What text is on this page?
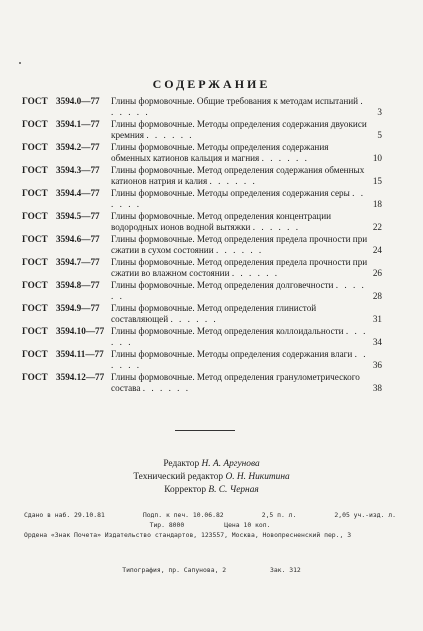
СОДЕРЖАНИЕ
ГОСТ 3594.0—77 Глины формовочные. Общие требования к методам испытаний . . . . . .	3
ГОСТ 3594.1—77 Глины формовочные. Методы определения содержания двуокиси кремния . . . . . .	5
ГОСТ 3594.2—77 Глины формовочные. Методы определения содержания обменных катионов кальция и магния . . . . . .	10
ГОСТ 3594.3—77 Глины формовочные. Метод определения содержания обменных катионов натрия и калия . . . . . .	15
ГОСТ 3594.4—77 Глины формовочные. Методы определения содержания серы . . . . . .	18
ГОСТ 3594.5—77 Глины формовочные. Метод определения концентрации водородных ионов водной вытяжки . . . . . .	22
ГОСТ 3594.6—77 Глины формовочные. Метод определения предела прочности при сжатии в сухом состоянии . . . . . .	24
ГОСТ 3594.7—77 Глины формовочные. Метод определения предела прочности при сжатии во влажном состоянии . . . . . .	26
ГОСТ 3594.8—77 Глины формовочные. Метод определения долговечности . . . . . .	28
ГОСТ 3594.9—77 Глины формовочные. Метод определения глинистой составляющей . . . . . .	31
ГОСТ 3594.10—77 Глины формовочные. Метод определения коллоидальности . . . . . .	34
ГОСТ 3594.11—77 Глины формовочные. Методы определения содержания влаги . . . . . .	36
ГОСТ 3594.12—77 Глины формовочные. Метод определения гранулометрического состава . . . . . .	38
Редактор Н. А. Аргунова
Технический редактор О. Н. Никитина
Корректор В. С. Черная
Сдано в наб. 29.10.81	Подп. к печ. 10.06.82	2,5 п. л.	2,05 уч.-изд. л.
Тир. 8000	Цена 10 коп.
Ордена «Знак Почета» Издательство стандартов, 123557, Москва, Новопресненский пер., 3
Типография, пр. Сапунова, 2	Зак. 312
